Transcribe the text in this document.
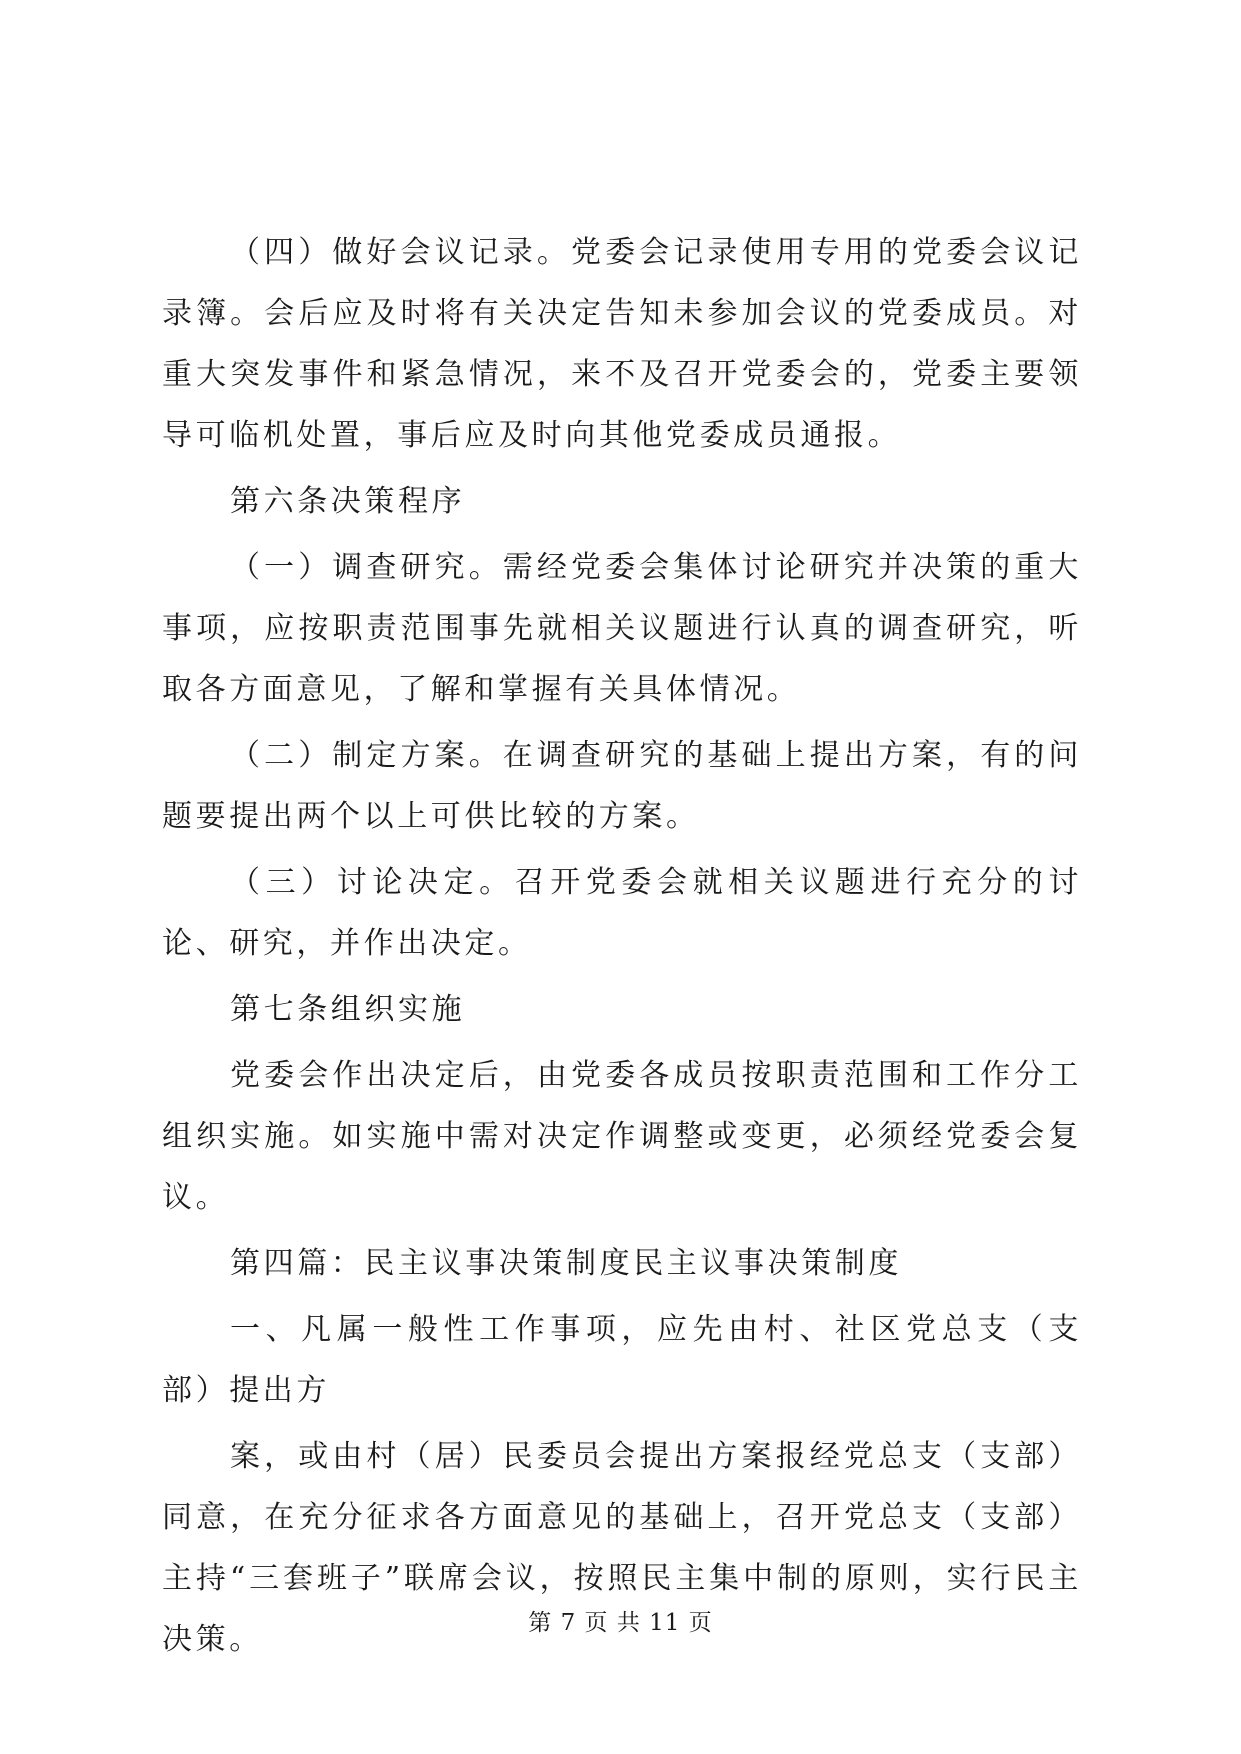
（四）做好会议记录。党委会记录使用专用的党委会议记录簿。会后应及时将有关决定告知未参加会议的党委成员。对重大突发事件和紧急情况，来不及召开党委会的，党委主要领导可临机处置，事后应及时向其他党委成员通报。

第六条决策程序

（一）调查研究。需经党委会集体讨论研究并决策的重大事项，应按职责范围事先就相关议题进行认真的调查研究，听取各方面意见，了解和掌握有关具体情况。

（二）制定方案。在调查研究的基础上提出方案，有的问题要提出两个以上可供比较的方案。

（三）讨论决定。召开党委会就相关议题进行充分的讨论、研究，并作出决定。

第七条组织实施

党委会作出决定后，由党委各成员按职责范围和工作分工组织实施。如实施中需对决定作调整或变更，必须经党委会复议。

第四篇：民主议事决策制度民主议事决策制度

一、凡属一般性工作事项，应先由村、社区党总支（支部）提出方

案，或由村（居）民委员会提出方案报经党总支（支部）同意，在充分征求各方面意见的基础上，召开党总支（支部）主持“三套班子”联席会议，按照民主集中制的原则，实行民主决策。	第 7 页 共 11 页
